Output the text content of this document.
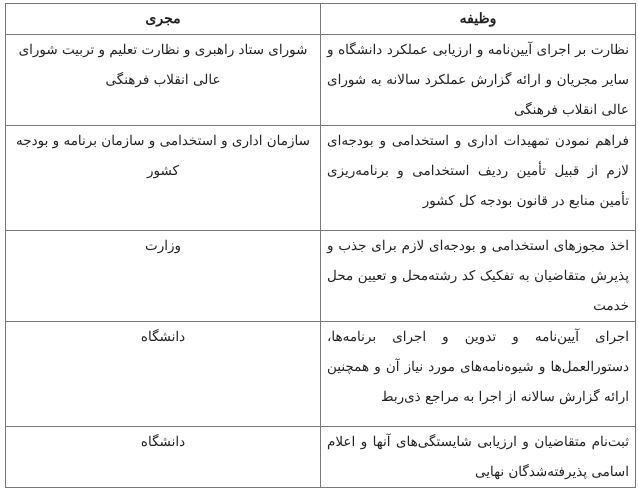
وظیفه	مجری
نظارت بر اجرای آیین‌نامه و ارزیابی عملکرد دانشگاه و سایر مجریان و ارائه گزارش عملکرد سالانه به شورای عالی انقلاب فرهنگی	شورای ستاد راهبری و نظارت تعلیم و تربیت شورای عالی انقلاب فرهنگی
فراهم نمودن تمهیدات اداری و استخدامی و بودجه‌ای لازم از قبیل تأمین ردیف استخدامی و برنامه‌ریزی تأمین منابع در قانون بودجه کل کشور	سازمان اداری و استخدامی و سازمان برنامه و بودجه کشور
اخذ مجوزهای استخدامی و بودجه‌ای لازم برای جذب و پذیرش متقاضیان به تفکیک کد رشته‌محل و تعیین محل خدمت	وزارت
اجرای آیین‌نامه و تدوین و اجرای برنامه‌ها، دستورالعمل‌ها و شیوه‌نامه‌های مورد نیاز آن و همچنین ارائه گزارش سالانه از اجرا به مراجع ذی‌ربط	دانشگاه
ثبت‌نام متقاضیان و ارزیابی شایستگی‌های آنها و اعلام اسامی پذیرفته‌شدگان نهایی	دانشگاه
